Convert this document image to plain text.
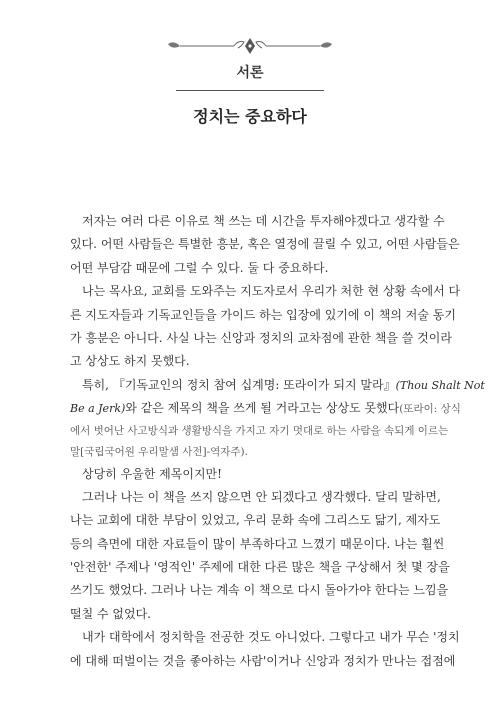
서론
정치는 중요하다
저자는 여러 다른 이유로 책 쓰는 데 시간을 투자해야겠다고 생각할 수
있다. 어떤 사람들은 특별한 흥분, 혹은 열정에 끌릴 수 있고, 어떤 사람들은
어떤 부담감 때문에 그럴 수 있다. 둘 다 중요하다.
나는 목사요, 교회를 도와주는 지도자로서 우리가 처한 현 상황 속에서 다
른 지도자들과 기독교인들을 가이드 하는 입장에 있기에 이 책의 저술 동기
가 흥분은 아니다. 사실 나는 신앙과 정치의 교차점에 관한 책을 쓸 것이라
고 상상도 하지 못했다.
특히, 『기독교인의 정치 참여 십계명: 또라이가 되지 말라』(Thou Shalt Not
Be a Jerk)와 같은 제목의 책을 쓰게 될 거라고는 상상도 못했다(또라이: 상식
에서 벗어난 사고방식과 생활방식을 가지고 자기 멋대로 하는 사람을 속되게 이르는
말[국립국어원 우리말샘 사전]-역자주).
상당히 우울한 제목이지만!
그러나 나는 이 책을 쓰지 않으면 안 되겠다고 생각했다. 달리 말하면,
나는 교회에 대한 부담이 있었고, 우리 문화 속에 그리스도 닮기, 제자도
등의 측면에 대한 자료들이 많이 부족하다고 느꼈기 때문이다. 나는 훨씬
'안전한' 주제나 '영적인' 주제에 대한 다른 많은 책을 구상해서 첫 몇 장을
쓰기도 했었다. 그러나 나는 계속 이 책으로 다시 돌아가야 한다는 느낌을
떨칠 수 없었다.
내가 대학에서 정치학을 전공한 것도 아니었다. 그렇다고 내가 무슨 '정치
에 대해 떠벌이는 것을 좋아하는 사람'이거나 신앙과 정치가 만나는 접점에
